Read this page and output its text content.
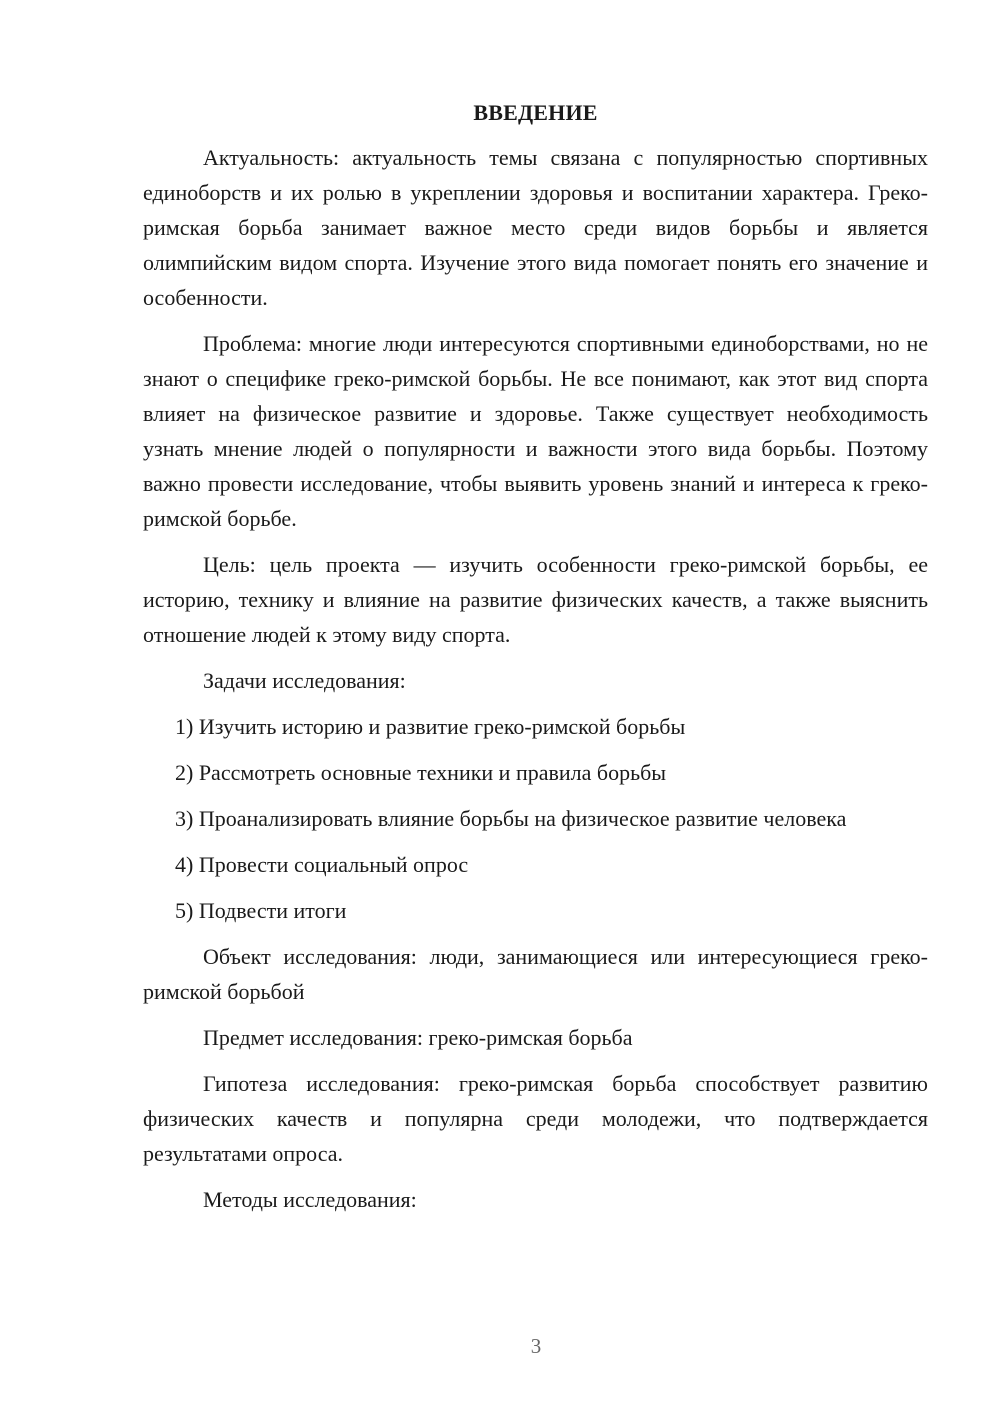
ВВЕДЕНИЕ

Актуальность: актуальность темы связана с популярностью спортивных единоборств и их ролью в укреплении здоровья и воспитании характера. Греко-римская борьба занимает важное место среди видов борьбы и является олимпийским видом спорта. Изучение этого вида помогает понять его значение и особенности.

Проблема: многие люди интересуются спортивными единоборствами, но не знают о специфике греко-римской борьбы. Не все понимают, как этот вид спорта влияет на физическое развитие и здоровье. Также существует необходимость узнать мнение людей о популярности и важности этого вида борьбы. Поэтому важно провести исследование, чтобы выявить уровень знаний и интереса к греко-римской борьбе.

Цель: цель проекта — изучить особенности греко-римской борьбы, ее историю, технику и влияние на развитие физических качеств, а также выяснить отношение людей к этому виду спорта.

Задачи исследования:

1) Изучить историю и развитие греко-римской борьбы

2) Рассмотреть основные техники и правила борьбы

3) Проанализировать влияние борьбы на физическое развитие человека

4) Провести социальный опрос

5) Подвести итоги

Объект исследования: люди, занимающиеся или интересующиеся греко-римской борьбой

Предмет исследования: греко-римская борьба

Гипотеза исследования: греко-римская борьба способствует развитию физических качеств и популярна среди молодежи, что подтверждается результатами опроса.

Методы исследования:

3
